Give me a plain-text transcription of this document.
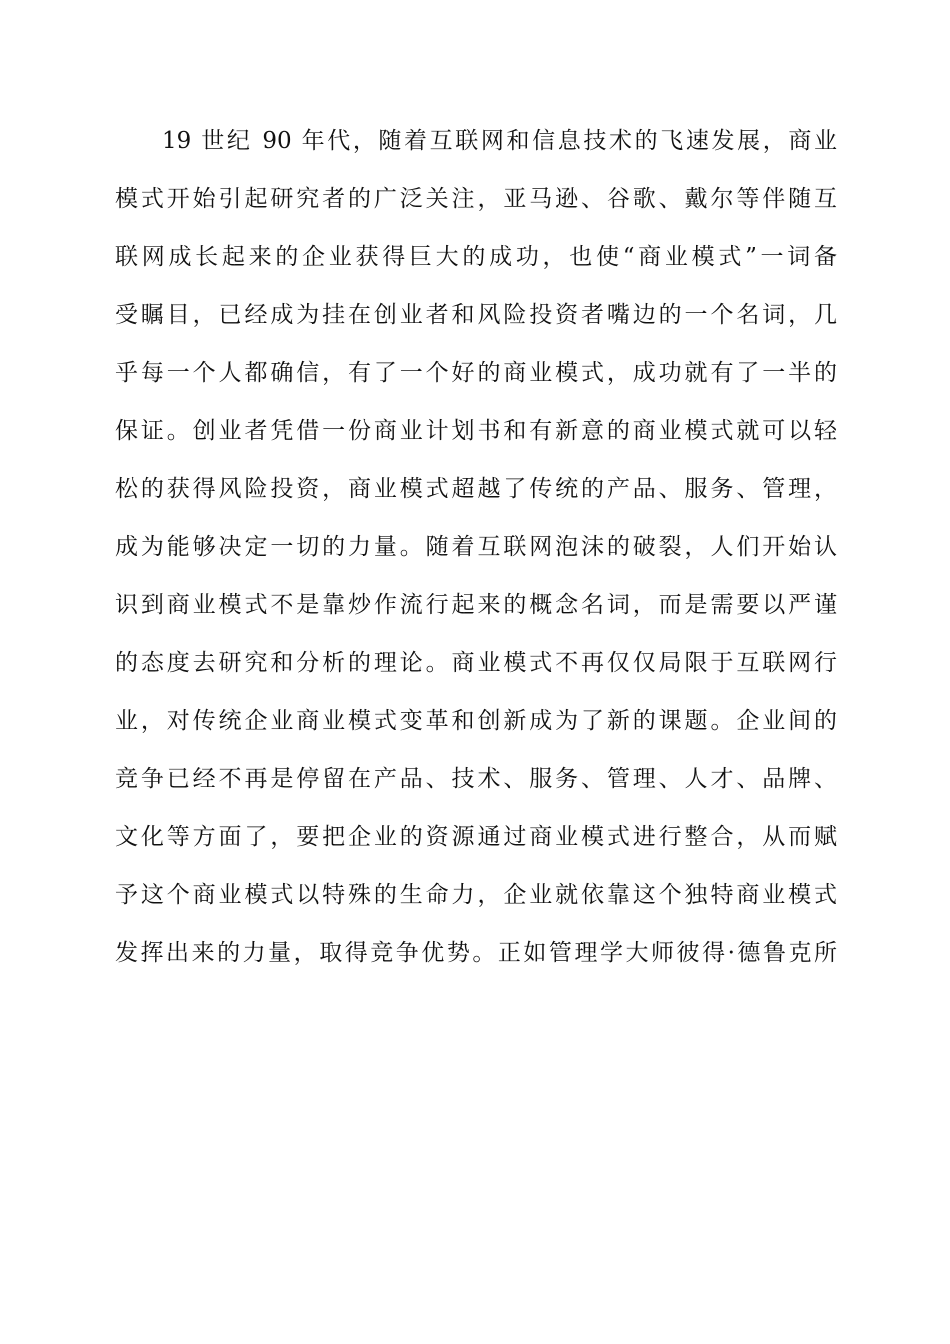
19 世纪 90 年代，随着互联网和信息技术的飞速发展，商业
模式开始引起研究者的广泛关注，亚马逊、谷歌、戴尔等伴随互
联网成长起来的企业获得巨大的成功，也使“商业模式”一词备
受瞩目，已经成为挂在创业者和风险投资者嘴边的一个名词，几
乎每一个人都确信，有了一个好的商业模式，成功就有了一半的
保证。创业者凭借一份商业计划书和有新意的商业模式就可以轻
松的获得风险投资，商业模式超越了传统的产品、服务、管理，
成为能够决定一切的力量。随着互联网泡沫的破裂，人们开始认
识到商业模式不是靠炒作流行起来的概念名词，而是需要以严谨
的态度去研究和分析的理论。商业模式不再仅仅局限于互联网行
业，对传统企业商业模式变革和创新成为了新的课题。企业间的
竞争已经不再是停留在产品、技术、服务、管理、人才、品牌、
文化等方面了，要把企业的资源通过商业模式进行整合，从而赋
予这个商业模式以特殊的生命力，企业就依靠这个独特商业模式
发挥出来的力量，取得竞争优势。正如管理学大师彼得·德鲁克所
